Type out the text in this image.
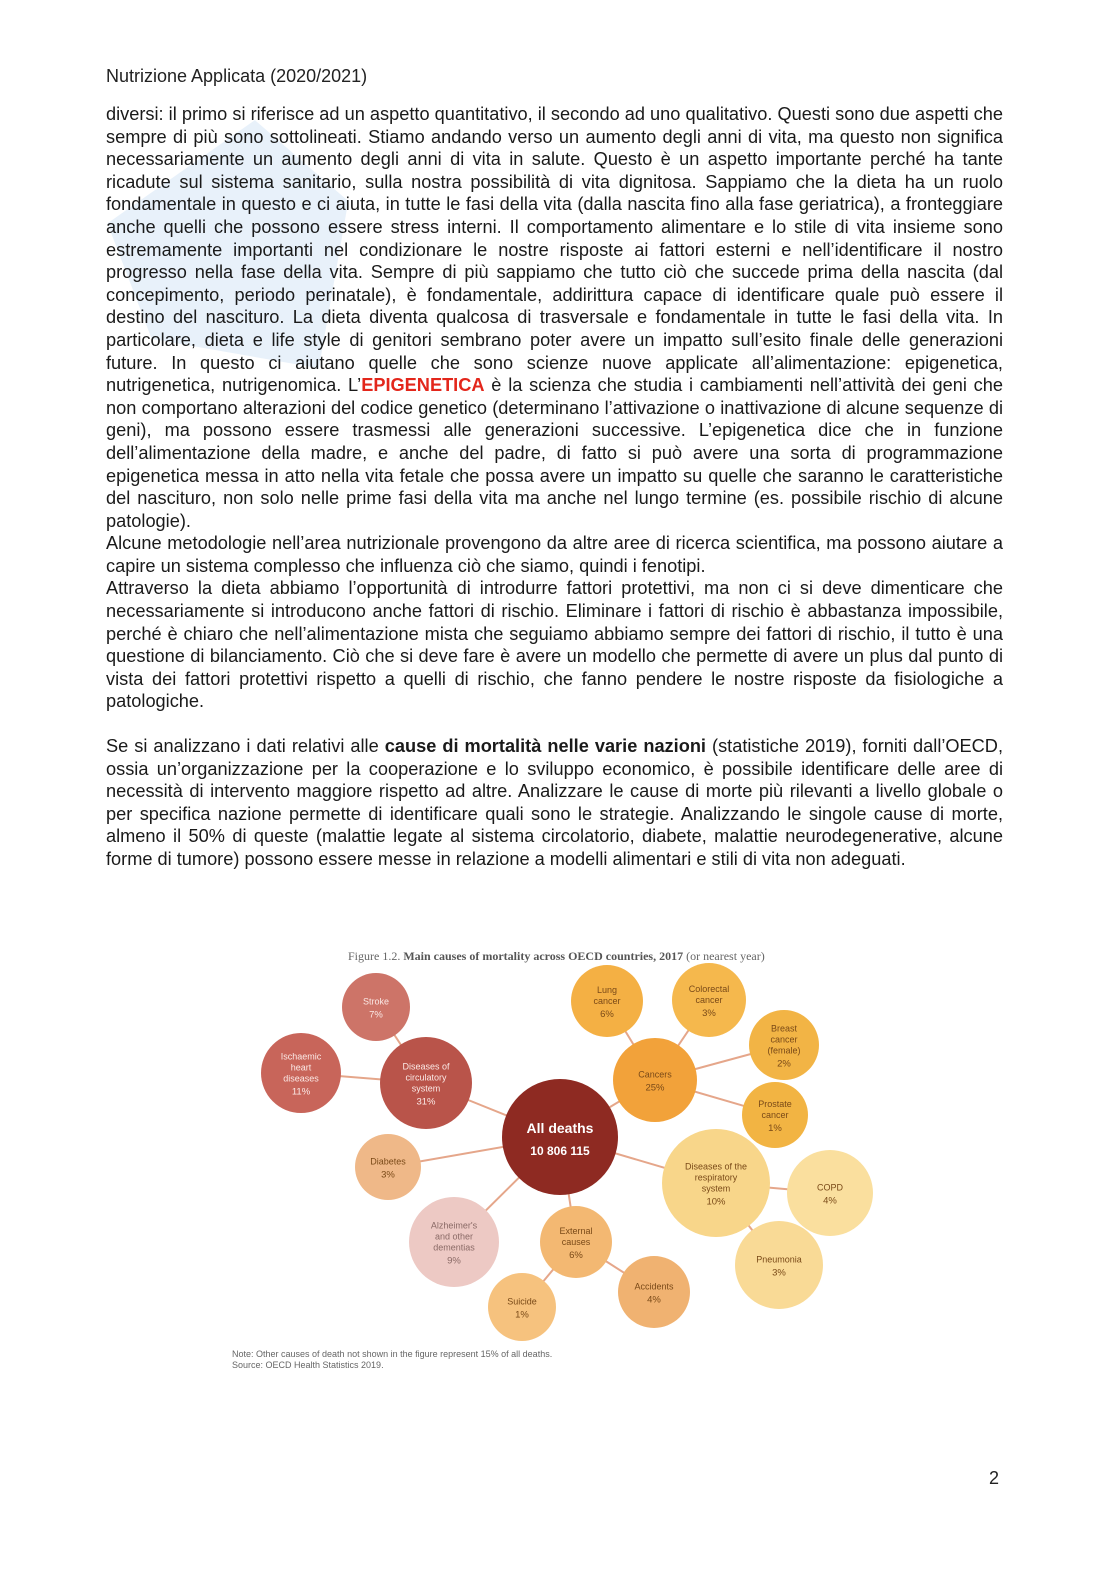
Nutrizione Applicata (2020/2021)

diversi: il primo si riferisce ad un aspetto quantitativo, il secondo ad uno qualitativo. Questi sono due aspetti che sempre di più sono sottolineati. Stiamo andando verso un aumento degli anni di vita, ma questo non significa necessariamente un aumento degli anni di vita in salute. Questo è un aspetto importante perché ha tante ricadute sul sistema sanitario, sulla nostra possibilità di vita dignitosa. Sappiamo che la dieta ha un ruolo fondamentale in questo e ci aiuta, in tutte le fasi della vita (dalla nascita fino alla fase geriatrica), a fronteggiare anche quelli che possono essere stress interni. Il comportamento alimentare e lo stile di vita insieme sono estremamente importanti nel condizionare le nostre risposte ai fattori esterni e nell’identificare il nostro progresso nella fase della vita. Sempre di più sappiamo che tutto ciò che succede prima della nascita (dal concepimento, periodo perinatale), è fondamentale, addirittura capace di identificare quale può essere il destino del nascituro. La dieta diventa qualcosa di trasversale e fondamentale in tutte le fasi della vita. In particolare, dieta e life style di genitori sembrano poter avere un impatto sull’esito finale delle generazioni future. In questo ci aiutano quelle che sono scienze nuove applicate all’alimentazione: epigenetica, nutrigenetica, nutrigenomica. L’EPIGENETICA è la scienza che studia i cambiamenti nell’attività dei geni che non comportano alterazioni del codice genetico (determinano l’attivazione o inattivazione di alcune sequenze di geni), ma possono essere trasmessi alle generazioni successive. L’epigenetica dice che in funzione dell’alimentazione della madre, e anche del padre, di fatto si può avere una sorta di programmazione epigenetica messa in atto nella vita fetale che possa avere un impatto su quelle che saranno le caratteristiche del nascituro, non solo nelle prime fasi della vita ma anche nel lungo termine (es. possibile rischio di alcune patologie).

Alcune metodologie nell’area nutrizionale provengono da altre aree di ricerca scientifica, ma possono aiutare a capire un sistema complesso che influenza ciò che siamo, quindi i fenotipi.

Attraverso la dieta abbiamo l’opportunità di introdurre fattori protettivi, ma non ci si deve dimenticare che necessariamente si introducono anche fattori di rischio. Eliminare i fattori di rischio è abbastanza impossibile, perché è chiaro che nell’alimentazione mista che seguiamo abbiamo sempre dei fattori di rischio, il tutto è una questione di bilanciamento. Ciò che si deve fare è avere un modello che permette di avere un plus dal punto di vista dei fattori protettivi rispetto a quelli di rischio, che fanno pendere le nostre risposte da fisiologiche a patologiche.

Se si analizzano i dati relativi alle cause di mortalità nelle varie nazioni (statistiche 2019), forniti dall’OECD, ossia un’organizzazione per la cooperazione e lo sviluppo economico, è possibile identificare delle aree di necessità di intervento maggiore rispetto ad altre. Analizzare le cause di morte più rilevanti a livello globale o per specifica nazione permette di identificare quali sono le strategie. Analizzando le singole cause di morte, almeno il 50% di queste (malattie legate al sistema circolatorio, diabete, malattie neurodegenerative, alcune forme di tumore) possono essere messe in relazione a modelli alimentari e stili di vita non adeguati.

Figure 1.2. Main causes of mortality across OECD countries, 2017 (or nearest year)
All deaths
10 806 115
Stroke
7%
Ischaemic
heart
diseases
11%
Diseases of
circulatory
system
31%
Diabetes
3%
Alzheimer's
and other
dementias
9%
External
causes
6%
Suicide
1%
Accidents
4%
Cancers
25%
Lung
cancer
6%
Colorectal
cancer
3%
Breast
cancer
(female)
2%
Prostate
cancer
1%
Diseases of the
respiratory
system
10%
COPD
4%
Pneumonia
3%
Note: Other causes of death not shown in the figure represent 15% of all deaths.
Source: OECD Health Statistics 2019.
2
